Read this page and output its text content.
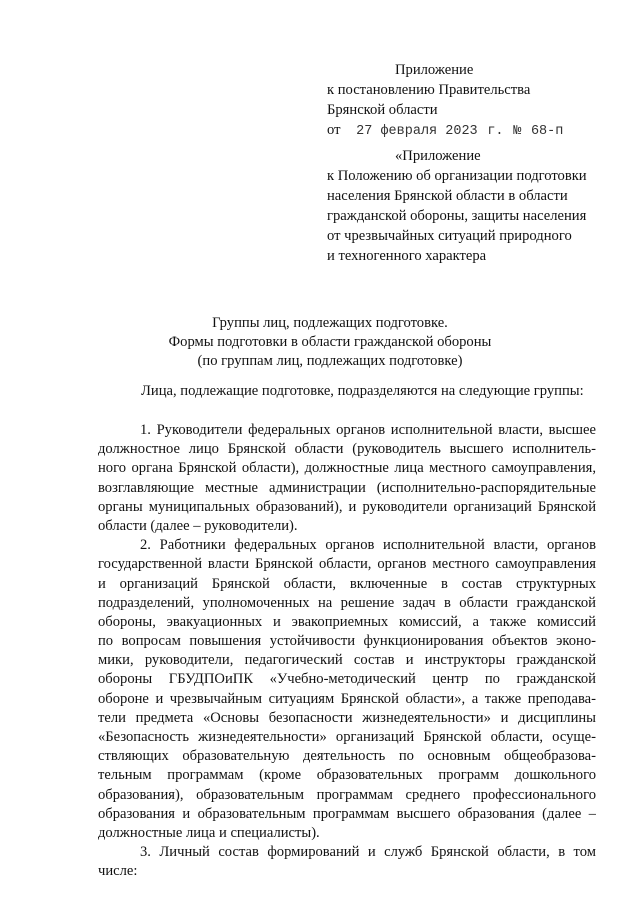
Приложение
к постановлению Правительства
Брянской области
от 27 февраля 2023 г. № 68-п
«Приложение
к Положению об организации подготовки
населения Брянской области в области
гражданской обороны, защиты населения
от чрезвычайных ситуаций природного
и техногенного характера
Группы лиц, подлежащих подготовке.
Формы подготовки в области гражданской обороны
(по группам лиц, подлежащих подготовке)
Лица, подлежащие подготовке, подразделяются на следующие группы:
1. Руководители федеральных органов исполнительной власти, высшее
должностное лицо Брянской области (руководитель высшего исполнитель-
ного органа Брянской области), должностные лица местного самоуправления,
возглавляющие местные администрации (исполнительно-распорядительные
органы муниципальных образований), и руководители организаций Брянской
области (далее – руководители).
2. Работники федеральных органов исполнительной власти, органов
государственной власти Брянской области, органов местного самоуправления
и организаций Брянской области, включенные в состав структурных
подразделений, уполномоченных на решение задач в области гражданской
обороны, эвакуационных и эвакоприемных комиссий, а также комиссий
по вопросам повышения устойчивости функционирования объектов эконо-
мики, руководители, педагогический состав и инструкторы гражданской
обороны ГБУДПОиПК «Учебно-методический центр по гражданской
обороне и чрезвычайным ситуациям Брянской области», а также преподава-
тели предмета «Основы безопасности жизнедеятельности» и дисциплины
«Безопасность жизнедеятельности» организаций Брянской области, осуще-
ствляющих образовательную деятельность по основным общеобразова-
тельным программам (кроме образовательных программ дошкольного
образования), образовательным программам среднего профессионального
образования и образовательным программам высшего образования (далее –
должностные лица и специалисты).
3. Личный состав формирований и служб Брянской области, в том
числе:
